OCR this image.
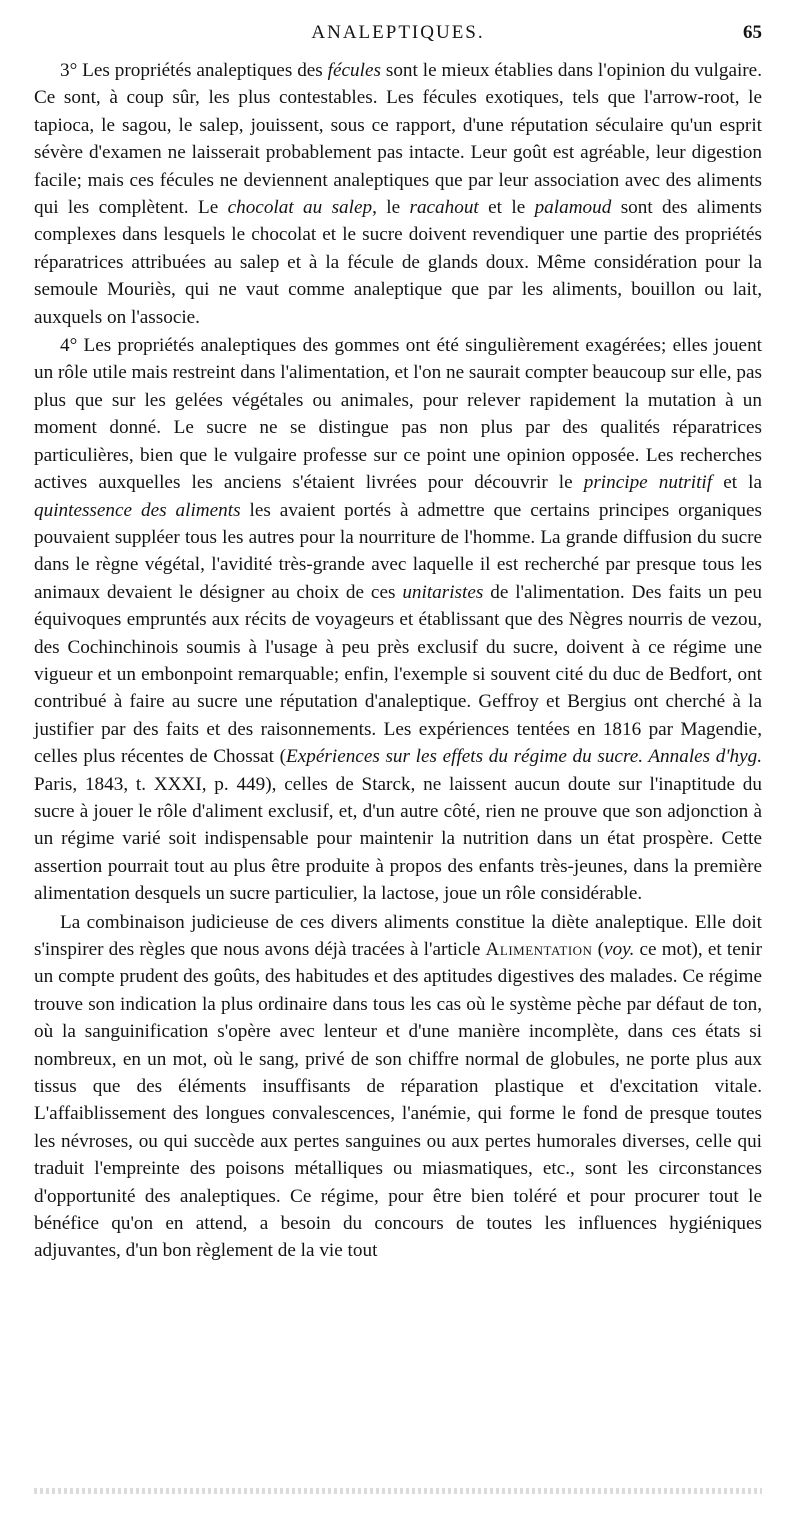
ANALEPTIQUES.	65

3° Les propriétés analeptiques des fécules sont le mieux établies dans l'opinion du vulgaire. Ce sont, à coup sûr, les plus contestables. Les fécules exotiques, tels que l'arrow-root, le tapioca, le sagou, le salep, jouissent, sous ce rapport, d'une réputation séculaire qu'un esprit sévère d'examen ne laisserait probablement pas intacte. Leur goût est agréable, leur digestion facile; mais ces fécules ne deviennent analeptiques que par leur association avec des aliments qui les complètent. Le chocolat au salep, le racahout et le palamoud sont des aliments complexes dans lesquels le chocolat et le sucre doivent revendiquer une partie des propriétés réparatrices attribuées au salep et à la fécule de glands doux. Même considération pour la semoule Mouriès, qui ne vaut comme analeptique que par les aliments, bouillon ou lait, auxquels on l'associe.

4° Les propriétés analeptiques des gommes ont été singulièrement exagérées; elles jouent un rôle utile mais restreint dans l'alimentation, et l'on ne saurait compter beaucoup sur elle, pas plus que sur les gelées végétales ou animales, pour relever rapidement la mutation à un moment donné. Le sucre ne se distingue pas non plus par des qualités réparatrices particulières, bien que le vulgaire professe sur ce point une opinion opposée. Les recherches actives auxquelles les anciens s'étaient livrées pour découvrir le principe nutritif et la quintessence des aliments les avaient portés à admettre que certains principes organiques pouvaient suppléer tous les autres pour la nourriture de l'homme. La grande diffusion du sucre dans le règne végétal, l'avidité très-grande avec laquelle il est recherché par presque tous les animaux devaient le désigner au choix de ces unitaristes de l'alimentation. Des faits un peu équivoques empruntés aux récits de voyageurs et établissant que des Nègres nourris de vezou, des Cochinchinois soumis à l'usage à peu près exclusif du sucre, doivent à ce régime une vigueur et un embonpoint remarquable; enfin, l'exemple si souvent cité du duc de Bedfort, ont contribué à faire au sucre une réputation d'analeptique. Geffroy et Bergius ont cherché à la justifier par des faits et des raisonnements. Les expériences tentées en 1816 par Magendie, celles plus récentes de Chossat (Expériences sur les effets du régime du sucre. Annales d'hyg. Paris, 1843, t. XXXI, p. 449), celles de Starck, ne laissent aucun doute sur l'inaptitude du sucre à jouer le rôle d'aliment exclusif, et, d'un autre côté, rien ne prouve que son adjonction à un régime varié soit indispensable pour maintenir la nutrition dans un état prospère. Cette assertion pourrait tout au plus être produite à propos des enfants très-jeunes, dans la première alimentation desquels un sucre particulier, la lactose, joue un rôle considérable.

La combinaison judicieuse de ces divers aliments constitue la diète analeptique. Elle doit s'inspirer des règles que nous avons déjà tracées à l'article Alimentation (voy. ce mot), et tenir un compte prudent des goûts, des habitudes et des aptitudes digestives des malades. Ce régime trouve son indication la plus ordinaire dans tous les cas où le système pèche par défaut de ton, où la sanguinification s'opère avec lenteur et d'une manière incomplète, dans ces états si nombreux, en un mot, où le sang, privé de son chiffre normal de globules, ne porte plus aux tissus que des éléments insuffisants de réparation plastique et d'excitation vitale. L'affaiblissement des longues convalescences, l'anémie, qui forme le fond de presque toutes les névroses, ou qui succède aux pertes sanguines ou aux pertes humorales diverses, celle qui traduit l'empreinte des poisons métalliques ou miasmatiques, etc., sont les circonstances d'opportunité des analeptiques. Ce régime, pour être bien toléré et pour procurer tout le bénéfice qu'on en attend, a besoin du concours de toutes les influences hygiéniques adjuvantes, d'un bon règlement de la vie tout
